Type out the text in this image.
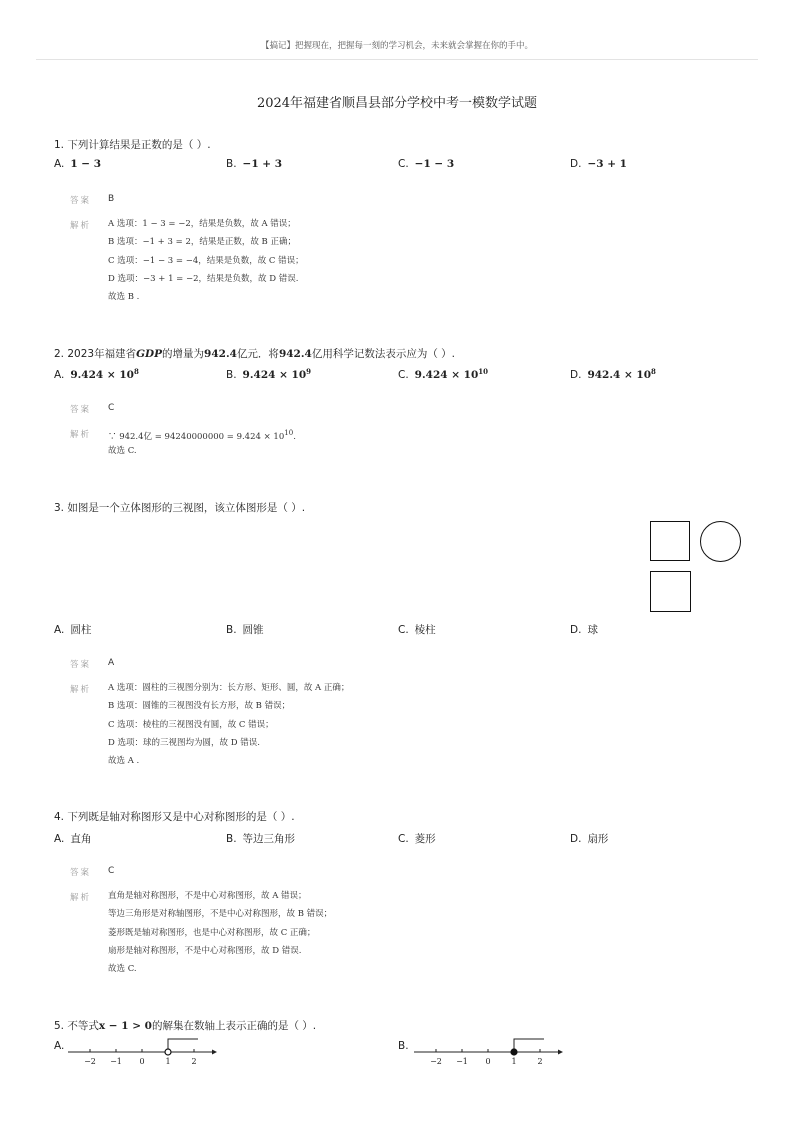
【搞记】把握现在，把握每一刻的学习机会，未来就会掌握在你的手中。
2024年福建省顺昌县部分学校中考一模数学试题
1. 下列计算结果是正数的是（ ）.
A. 1 − 3	B. −1 + 3	C. −1 − 3	D. −3 + 1
答案 B
解析 A 选项：1 − 3 = −2，结果是负数，故 A 错误；
B 选项：−1 + 3 = 2，结果是正数，故 B 正确；
C 选项：−1 − 3 = −4，结果是负数，故 C 错误；
D 选项：−3 + 1 = −2，结果是负数，故 D 错误.
故选 B .
2. 2023年福建省GDP的增量为942.4亿元．将942.4亿用科学记数法表示应为（ ）.
A. $9.424 \times 10^8$	B. $9.424 \times 10^9$	C. $9.424 \times 10^{10}$	D. $942.4 \times 10^8$
答案 C
解析 ∵ 942.4亿 = $94240000000 = 9.424 \times 10^{10}$.
故选 C.
3. 如图是一个立体图形的三视图，该立体图形是（ ）.
A. 圆柱	B. 圆锥	C. 棱柱	D. 球
答案 A
解析 A 选项：圆柱的三视图分别为：长方形、矩形、圆，故 A 正确；
B 选项：圆锥的三视图没有长方形，故 B 错误；
C 选项：棱柱的三视图没有圆，故 C 错误；
D 选项：球的三视图均为圆，故 D 错误.
故选 A .
4. 下列既是轴对称图形又是中心对称图形的是（ ）.
A. 直角	B. 等边三角形	C. 菱形	D. 扇形
答案 C
解析 直角是轴对称图形，不是中心对称图形，故 A 错误；
等边三角形是对称轴图形，不是中心对称图形，故 B 错误；
菱形既是轴对称图形，也是中心对称图形，故 C 正确；
扇形是轴对称图形，不是中心对称图形，故 D 错误.
故选 C.
5. 不等式x − 1 > 0的解集在数轴上表示正确的是（ ）.
A.
−2 −1 0	1	2
B.
−2 −1 0	1	2
